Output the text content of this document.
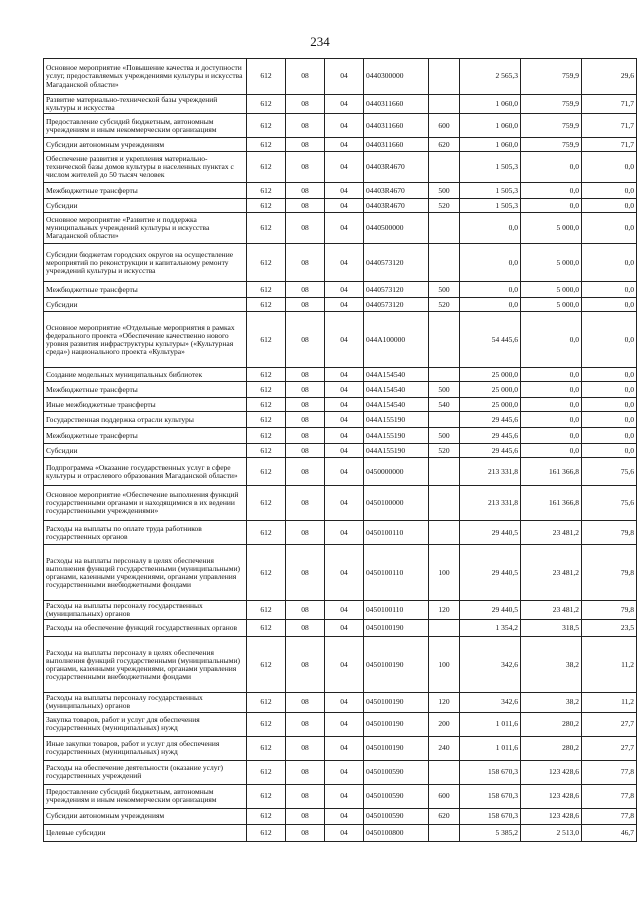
234
Основное мероприятие «Повышение качества и доступности услуг, предоставляемых учреждениями культуры и искусства Магаданской области»	612	08	04	0440300000		2 565,3	759,9	29,6
Развитие материально-технической базы учреждений культуры и искусства	612	08	04	0440311660		1 060,0	759,9	71,7
Предоставление субсидий бюджетным, автономным учреждениям и иным некоммерческим организациям	612	08	04	0440311660	600	1 060,0	759,9	71,7
Субсидии автономным учреждениям	612	08	04	0440311660	620	1 060,0	759,9	71,7
Обеспечение развития и укрепления материально-технической базы домов культуры в населенных пунктах с числом жителей до 50 тысяч человек	612	08	04	04403R4670		1 505,3	0,0	0,0
Межбюджетные трансферты	612	08	04	04403R4670	500	1 505,3	0,0	0,0
Субсидии	612	08	04	04403R4670	520	1 505,3	0,0	0,0
Основное мероприятие «Развитие и поддержка муниципальных учреждений культуры и искусства Магаданской области»	612	08	04	0440500000		0,0	5 000,0	0,0
Субсидии бюджетам городских округов на осуществление мероприятий по реконструкции и капитальному ремонту учреждений культуры и искусства	612	08	04	0440573120		0,0	5 000,0	0,0
Межбюджетные трансферты	612	08	04	0440573120	500	0,0	5 000,0	0,0
Субсидии	612	08	04	0440573120	520	0,0	5 000,0	0,0
Основное мероприятие «Отдельные мероприятия в рамках федерального проекта «Обеспечение качественно нового уровня развития инфраструктуры культуры» («Культурная среда») национального проекта «Культура»	612	08	04	044A100000		54 445,6	0,0	0,0
Создание модельных муниципальных библиотек	612	08	04	044A154540		25 000,0	0,0	0,0
Межбюджетные трансферты	612	08	04	044A154540	500	25 000,0	0,0	0,0
Иные межбюджетные трансферты	612	08	04	044A154540	540	25 000,0	0,0	0,0
Государственная поддержка отрасли культуры	612	08	04	044A155190		29 445,6	0,0	0,0
Межбюджетные трансферты	612	08	04	044A155190	500	29 445,6	0,0	0,0
Субсидии	612	08	04	044A155190	520	29 445,6	0,0	0,0
Подпрограмма «Оказание государственных услуг в сфере культуры и отраслевого образования Магаданской области»	612	08	04	0450000000		213 331,8	161 366,8	75,6
Основное мероприятие «Обеспечение выполнения функций государственными органами и находящимися в их ведении государственными учреждениями»	612	08	04	0450100000		213 331,8	161 366,8	75,6
Расходы на выплаты по оплате труда работников государственных органов	612	08	04	0450100110		29 440,5	23 481,2	79,8
Расходы на выплаты персоналу в целях обеспечения выполнения функций государственными (муниципальными) органами, казенными учреждениями, органами управления государственными внебюджетными фондами	612	08	04	0450100110	100	29 440,5	23 481,2	79,8
Расходы на выплаты персоналу государственных (муниципальных) органов	612	08	04	0450100110	120	29 440,5	23 481,2	79,8
Расходы на обеспечение функций государственных органов	612	08	04	0450100190		1 354,2	318,5	23,5
Расходы на выплаты персоналу в целях обеспечения выполнения функций государственными (муниципальными) органами, казенными учреждениями, органами управления государственными внебюджетными фондами	612	08	04	0450100190	100	342,6	38,2	11,2
Расходы на выплаты персоналу государственных (муниципальных) органов	612	08	04	0450100190	120	342,6	38,2	11,2
Закупка товаров, работ и услуг для обеспечения государственных (муниципальных) нужд	612	08	04	0450100190	200	1 011,6	280,2	27,7
Иные закупки товаров, работ и услуг для обеспечения государственных (муниципальных) нужд	612	08	04	0450100190	240	1 011,6	280,2	27,7
Расходы на обеспечение деятельности (оказание услуг) государственных учреждений	612	08	04	0450100590		158 670,3	123 428,6	77,8
Предоставление субсидий бюджетным, автономным учреждениям и иным некоммерческим организациям	612	08	04	0450100590	600	158 670,3	123 428,6	77,8
Субсидии автономным учреждениям	612	08	04	0450100590	620	158 670,3	123 428,6	77,8
Целевые субсидии	612	08	04	0450100800		5 385,2	2 513,0	46,7
